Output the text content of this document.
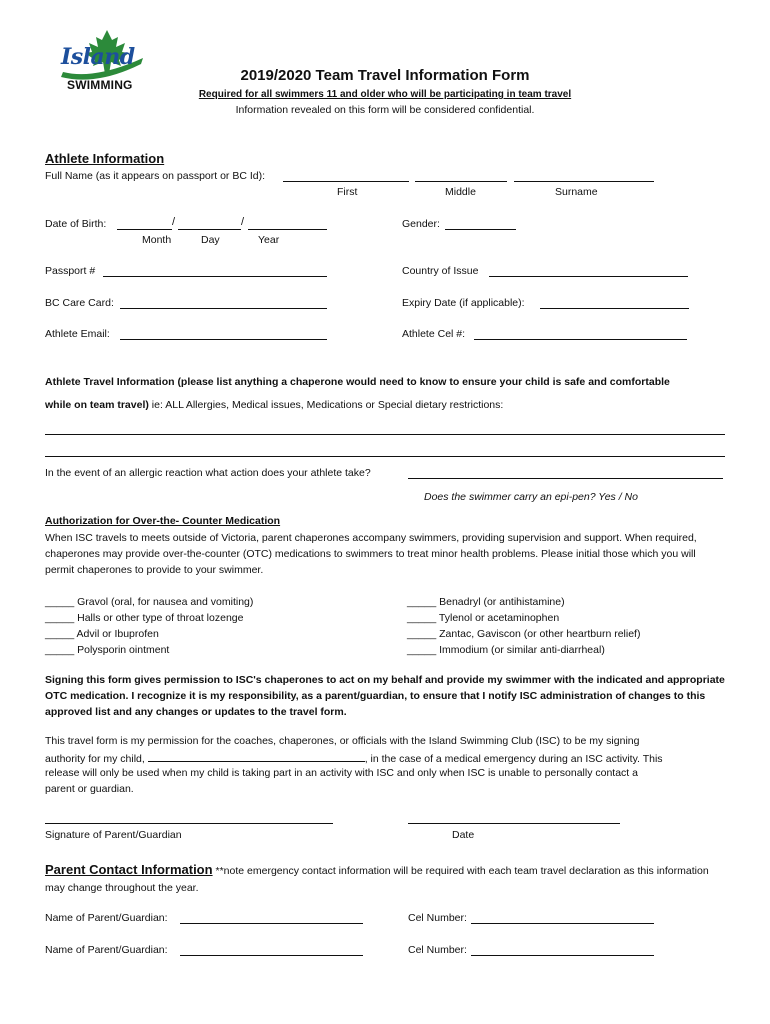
Island
SWIMMING
2019/2020 Team Travel Information Form
Required for all swimmers 11 and older who will be participating in team travel
Information revealed on this form will be considered confidential.
Athlete Information
Full Name (as it appears on passport or BC Id):
First	Middle	Surname
Date of Birth:	/	/
Month	Day	Year
Gender:
Passport #	Country of Issue
BC Care Card:	Expiry Date (if applicable):
Athlete Email:	Athlete Cel #:
Athlete Travel Information (please list anything a chaperone would need to know to ensure your child is safe and comfortable
while on team travel) ie: ALL Allergies, Medical issues, Medications or Special dietary restrictions:
In the event of an allergic reaction what action does your athlete take?
Does the swimmer carry an epi-pen? Yes / No
Authorization for Over-the- Counter Medication
When ISC travels to meets outside of Victoria, parent chaperones accompany swimmers, providing supervision and support. When required, chaperones may provide over-the-counter (OTC) medications to swimmers to treat minor health problems. Please initial those which you will permit chaperones to provide to your swimmer.
_____ Gravol (oral, for nausea and vomiting)
_____ Halls or other type of throat lozenge
_____ Advil or Ibuprofen
_____ Polysporin ointment
_____ Benadryl (or antihistamine)
_____ Tylenol or acetaminophen
_____ Zantac, Gaviscon (or other heartburn relief)
_____ Immodium (or similar anti-diarrheal)
Signing this form gives permission to ISC's chaperones to act on my behalf and provide my swimmer with the indicated and appropriate OTC medication. I recognize it is my responsibility, as a parent/guardian, to ensure that I notify ISC administration of changes to this approved list and any changes or updates to the travel form.
This travel form is my permission for the coaches, chaperones, or officials with the Island Swimming Club (ISC) to be my signing
authority for my child,	, in the case of a medical emergency during an ISC activity. This
release will only be used when my child is taking part in an activity with ISC and only when ISC is unable to personally contact a
parent or guardian.
Signature of Parent/Guardian	Date
Parent Contact Information **note emergency contact information will be required with each team travel declaration as this information may change throughout the year.
Name of Parent/Guardian:	Cel Number:
Name of Parent/Guardian:	Cel Number:
